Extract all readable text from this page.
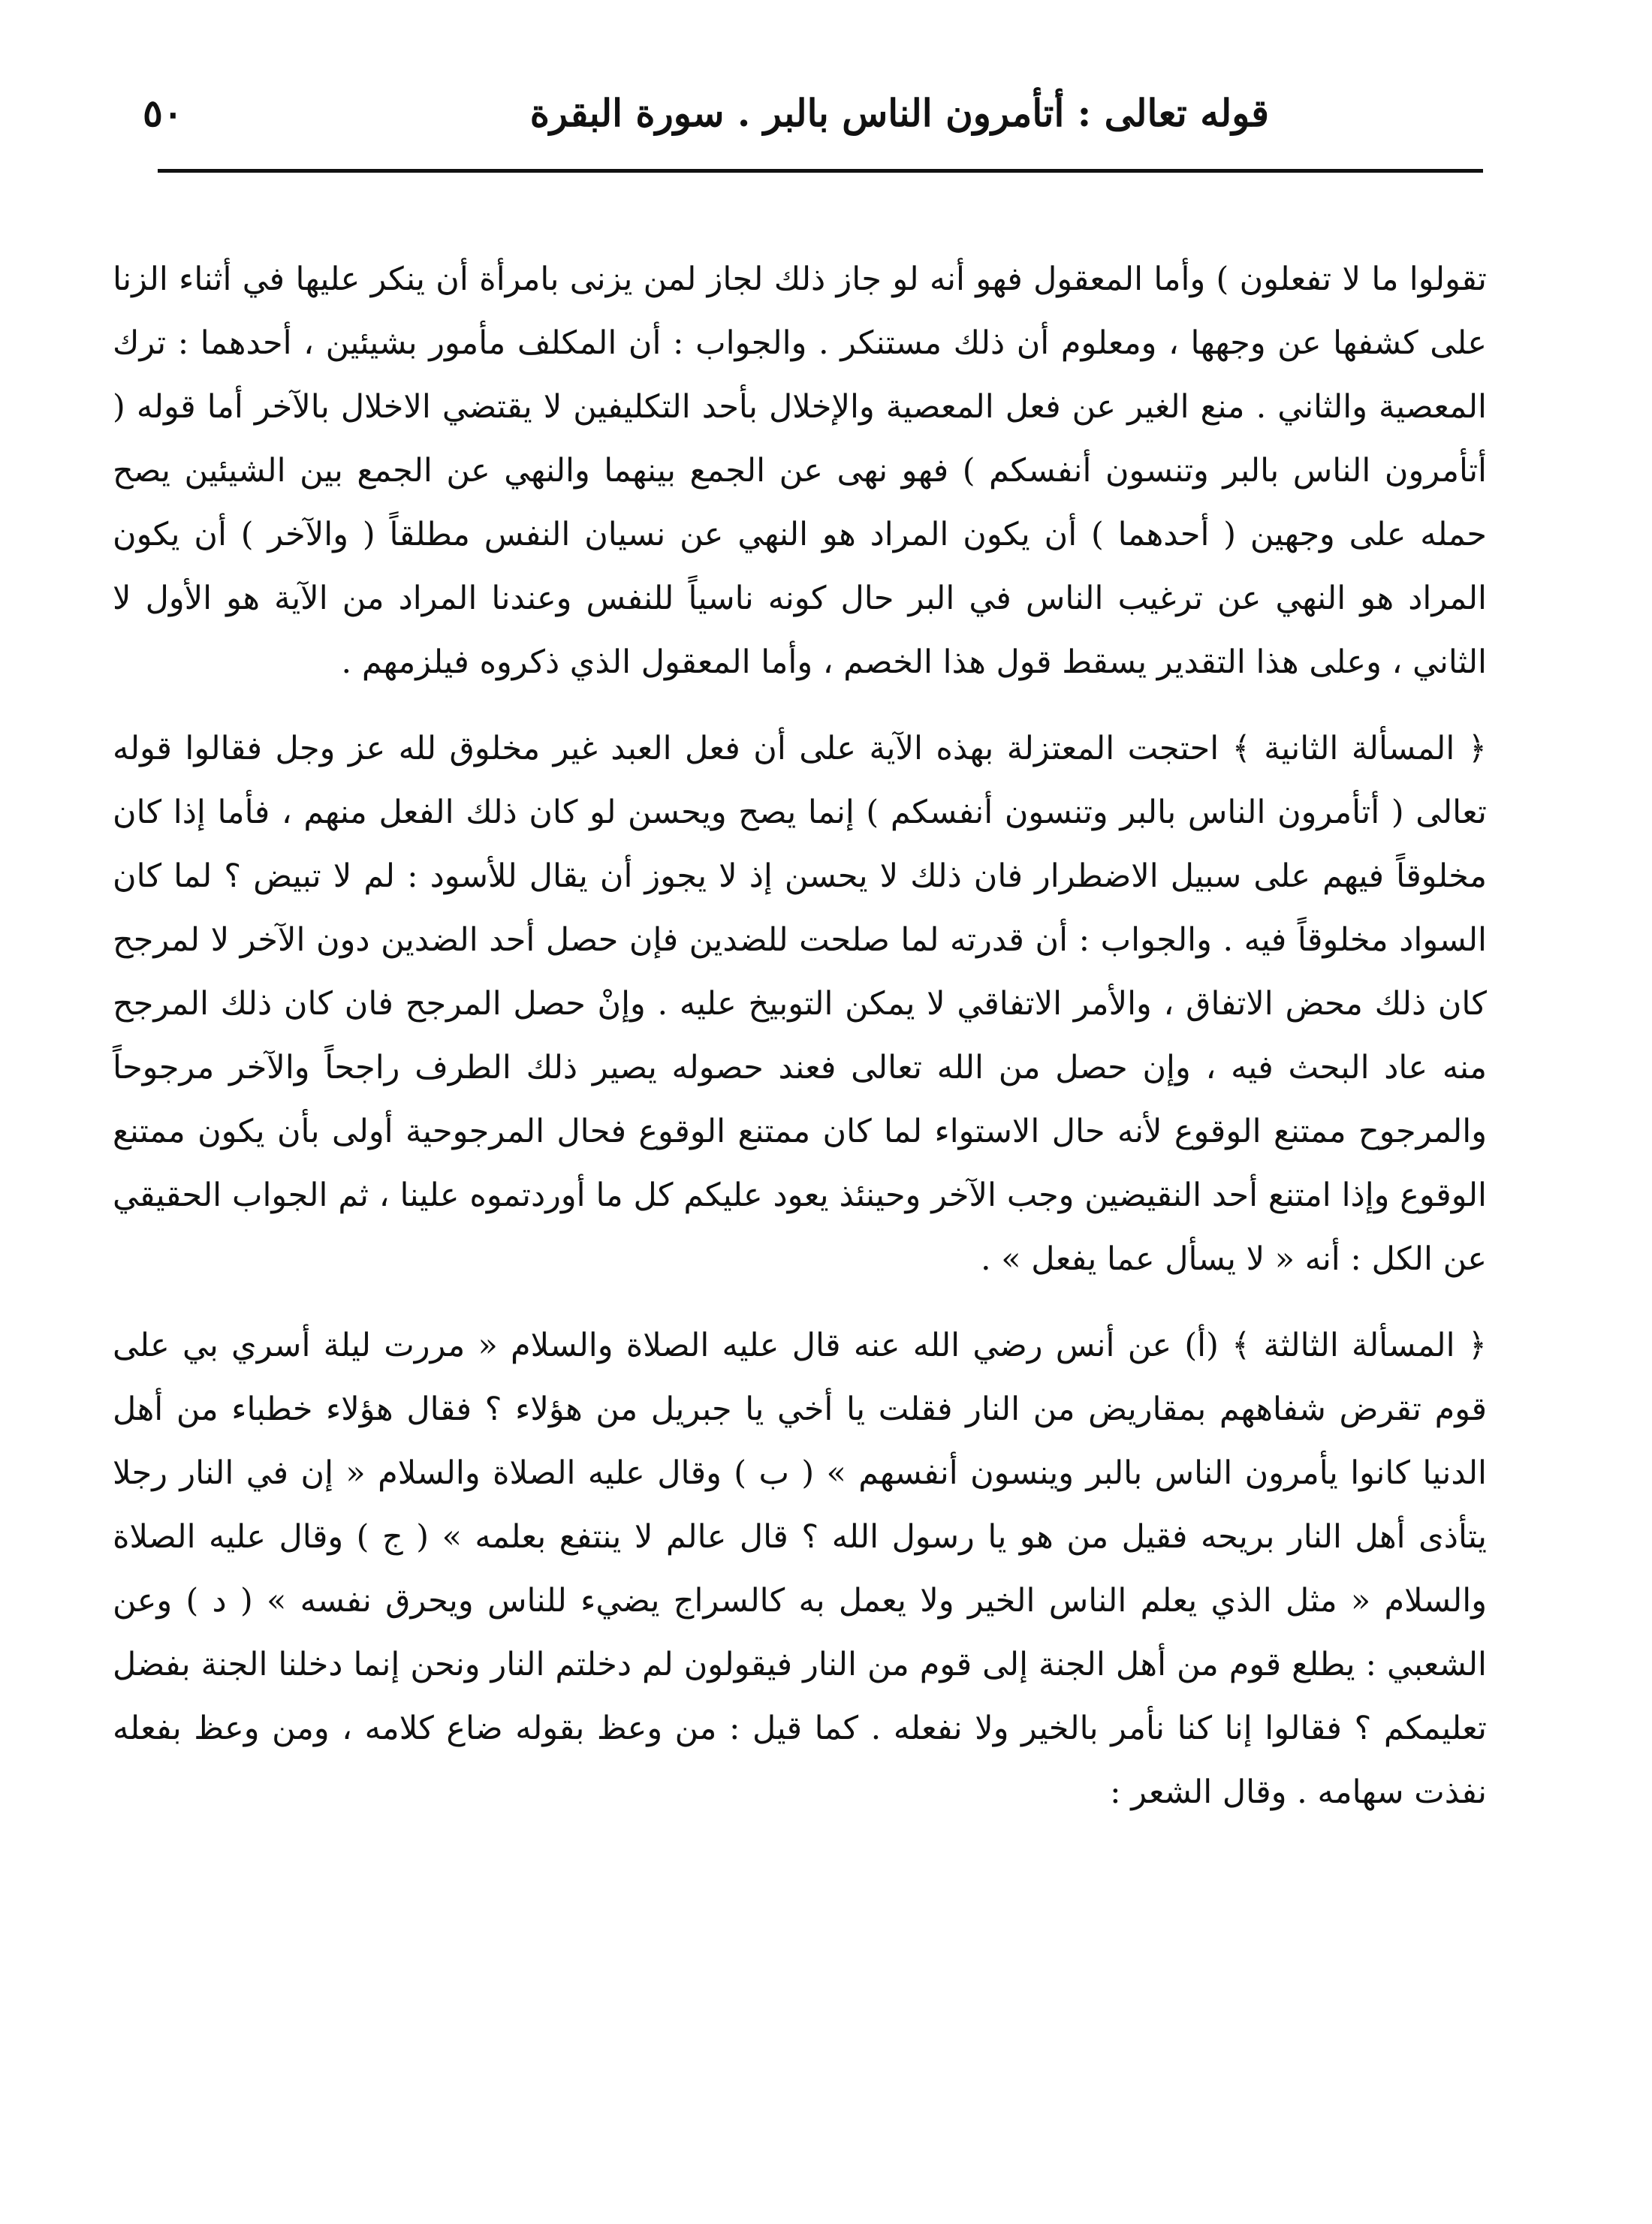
قوله تعالى : أتأمرون الناس بالبر . سورة البقرة
٥٠

تقولوا ما لا تفعلون ) وأما المعقول فهو أنه لو جاز ذلك لجاز لمن يزنى بامرأة أن ينكر عليها في أثناء الزنا على كشفها عن وجهها ، ومعلوم أن ذلك مستنكر . والجواب : أن المكلف مأمور بشيئين ، أحدهما : ترك المعصية والثاني . منع الغير عن فعل المعصية والإخلال بأحد التكليفين لا يقتضي الاخلال بالآخر أما قوله ( أتأمرون الناس بالبر وتنسون أنفسكم ) فهو نهى عن الجمع بينهما والنهي عن الجمع بين الشيئين يصح حمله على وجهين ( أحدهما ) أن يكون المراد هو النهي عن نسيان النفس مطلقاً ( والآخر ) أن يكون المراد هو النهي عن ترغيب الناس في البر حال كونه ناسياً للنفس وعندنا المراد من الآية هو الأول لا الثاني ، وعلى هذا التقدير يسقط قول هذا الخصم ، وأما المعقول الذي ذكروه فيلزمهم .

﴿ المسألة الثانية ﴾ احتجت المعتزلة بهذه الآية على أن فعل العبد غير مخلوق لله عز وجل فقالوا قوله تعالى ( أتأمرون الناس بالبر وتنسون أنفسكم ) إنما يصح ويحسن لو كان ذلك الفعل منهم ، فأما إذا كان مخلوقاً فيهم على سبيل الاضطرار فان ذلك لا يحسن إذ لا يجوز أن يقال للأسود : لم لا تبيض ؟ لما كان السواد مخلوقاً فيه . والجواب : أن قدرته لما صلحت للضدين فإن حصل أحد الضدين دون الآخر لا لمرجح كان ذلك محض الاتفاق ، والأمر الاتفاقي لا يمكن التوبيخ عليه . وإنْ حصل المرجح فان كان ذلك المرجح منه عاد البحث فيه ، وإن حصل من الله تعالى فعند حصوله يصير ذلك الطرف راجحاً والآخر مرجوحاً والمرجوح ممتنع الوقوع لأنه حال الاستواء لما كان ممتنع الوقوع فحال المرجوحية أولى بأن يكون ممتنع الوقوع وإذا امتنع أحد النقيضين وجب الآخر وحينئذ يعود عليكم كل ما أوردتموه علينا ، ثم الجواب الحقيقي عن الكل : أنه « لا يسأل عما يفعل » .

﴿ المسألة الثالثة ﴾ (أ) عن أنس رضي الله عنه قال عليه الصلاة والسلام « مررت ليلة أسري بي على قوم تقرض شفاههم بمقاريض من النار فقلت يا أخي يا جبريل من هؤلاء ؟ فقال هؤلاء خطباء من أهل الدنيا كانوا يأمرون الناس بالبر وينسون أنفسهم » ( ب ) وقال عليه الصلاة والسلام « إن في النار رجلا يتأذى أهل النار بريحه فقيل من هو يا رسول الله ؟ قال عالم لا ينتفع بعلمه » ( ج ) وقال عليه الصلاة والسلام « مثل الذي يعلم الناس الخير ولا يعمل به كالسراج يضيء للناس ويحرق نفسه » ( د ) وعن الشعبي : يطلع قوم من أهل الجنة إلى قوم من النار فيقولون لم دخلتم النار ونحن إنما دخلنا الجنة بفضل تعليمكم ؟ فقالوا إنا كنا نأمر بالخير ولا نفعله . كما قيل : من وعظ بقوله ضاع كلامه ، ومن وعظ بفعله نفذت سهامه . وقال الشعر :
